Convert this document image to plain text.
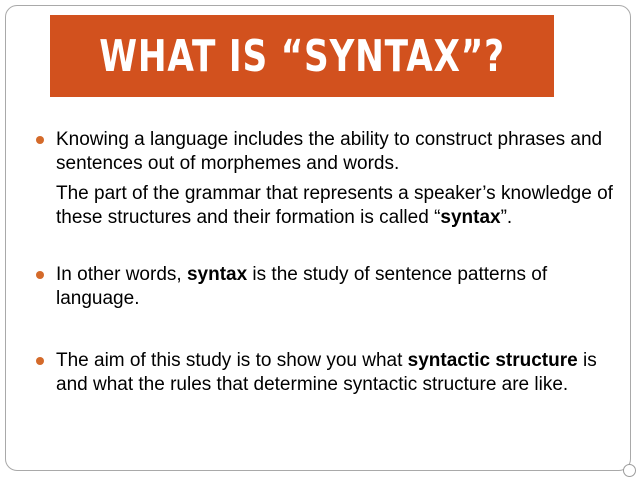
WHAT IS “SYNTAX”?

Knowing a language includes the ability to construct phrases and sentences out of morphemes and words.

The part of the grammar that represents a speaker’s knowledge of these structures and their formation is called “syntax”.

In other words, syntax is the study of sentence patterns of language.

The aim of this study is to show you what syntactic structure is and what the rules that determine syntactic structure are like.
